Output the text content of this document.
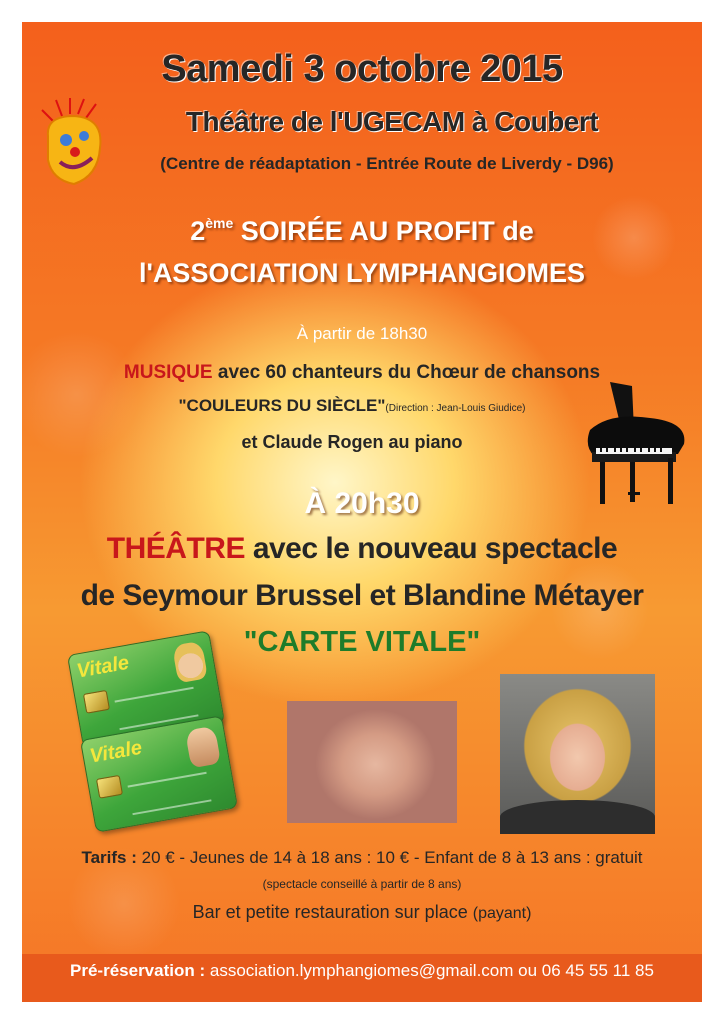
Samedi 3 octobre 2015
Théâtre de l'UGECAM à Coubert
(Centre de réadaptation - Entrée Route de Liverdy - D96)
2ème SOIRÉE AU PROFIT de
l'ASSOCIATION LYMPHANGIOMES
À partir de 18h30
MUSIQUE avec 60 chanteurs du Chœur de chansons
"COULEURS DU SIÈCLE"(Direction : Jean-Louis Giudice)
et Claude Rogen au piano
À 20h30
THÉÂTRE avec le nouveau spectacle
de Seymour Brussel et Blandine Métayer
"CARTE VITALE"
Vitale
Vitale
Tarifs : 20 € - Jeunes de 14 à 18 ans : 10 € - Enfant de 8 à 13 ans : gratuit
(spectacle conseillé à partir de 8 ans)
Bar et petite restauration sur place (payant)
Pré-réservation : association.lymphangiomes@gmail.com ou 06 45 55 11 85
